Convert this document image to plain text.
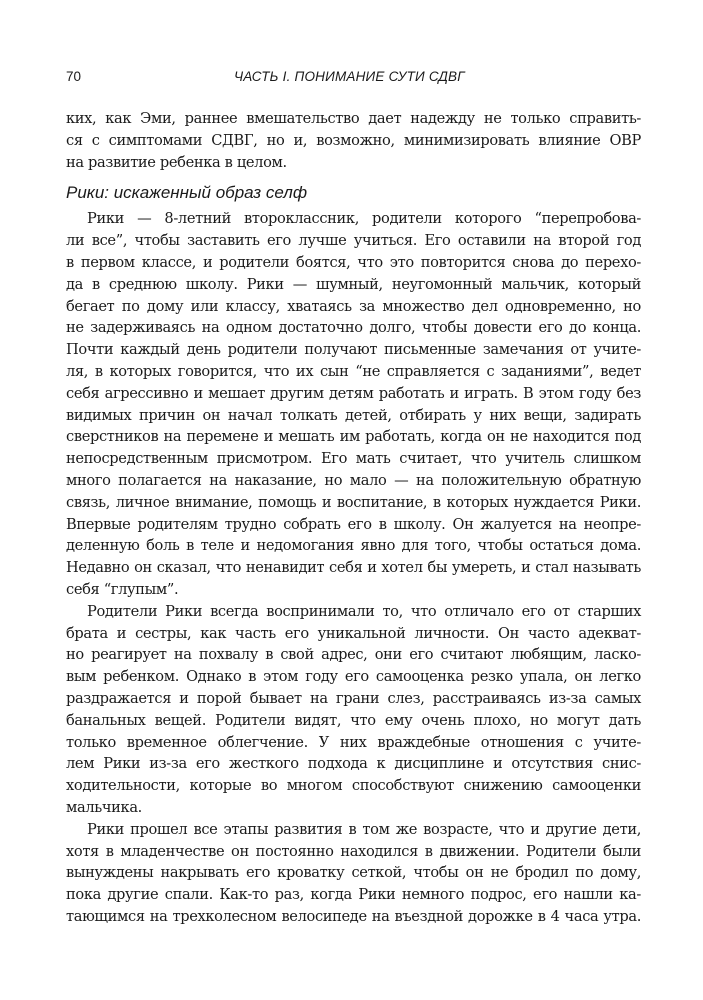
70	ЧАСТЬ I. ПОНИМАНИЕ СУТИ СДВГ
ких, как Эми, раннее вмешательство дает надежду не только справить-
ся с симптомами СДВГ, но и, возможно, минимизировать влияние ОВР
на развитие ребенка в целом.
Рики: искаженный образ селф
Рики — 8-летний второклассник, родители которого “перепробова-
ли все”, чтобы заставить его лучше учиться. Его оставили на второй год
в первом классе, и родители боятся, что это повторится снова до перехо-
да в среднюю школу. Рики — шумный, неугомонный мальчик, который
бегает по дому или классу, хватаясь за множество дел одновременно, но
не задерживаясь на одном достаточно долго, чтобы довести его до конца.
Почти каждый день родители получают письменные замечания от учите-
ля, в которых говорится, что их сын “не справляется с заданиями”, ведет
себя агрессивно и мешает другим детям работать и играть. В этом году без
видимых причин он начал толкать детей, отбирать у них вещи, задирать
сверстников на перемене и мешать им работать, когда он не находится под
непосредственным присмотром. Его мать считает, что учитель слишком
много полагается на наказание, но мало — на положительную обратную
связь, личное внимание, помощь и воспитание, в которых нуждается Рики.
Впервые родителям трудно собрать его в школу. Он жалуется на неопре-
деленную боль в теле и недомогания явно для того, чтобы остаться дома.
Недавно он сказал, что ненавидит себя и хотел бы умереть, и стал называть
себя “глупым”.
Родители Рики всегда воспринимали то, что отличало его от старших
брата и сестры, как часть его уникальной личности. Он часто адекват-
но реагирует на похвалу в свой адрес, они его считают любящим, ласко-
вым ребенком. Однако в этом году его самооценка резко упала, он легко
раздражается и порой бывает на грани слез, расстраиваясь из-за самых
банальных вещей. Родители видят, что ему очень плохо, но могут дать
только временное облегчение. У них враждебные отношения с учите-
лем Рики из-за его жесткого подхода к дисциплине и отсутствия снис-
ходительности, которые во многом способствуют снижению самооценки
мальчика.
Рики прошел все этапы развития в том же возрасте, что и другие дети,
хотя в младенчестве он постоянно находился в движении. Родители были
вынуждены накрывать его кроватку сеткой, чтобы он не бродил по дому,
пока другие спали. Как-то раз, когда Рики немного подрос, его нашли ка-
тающимся на трехколесном велосипеде на въездной дорожке в 4 часа утра.
